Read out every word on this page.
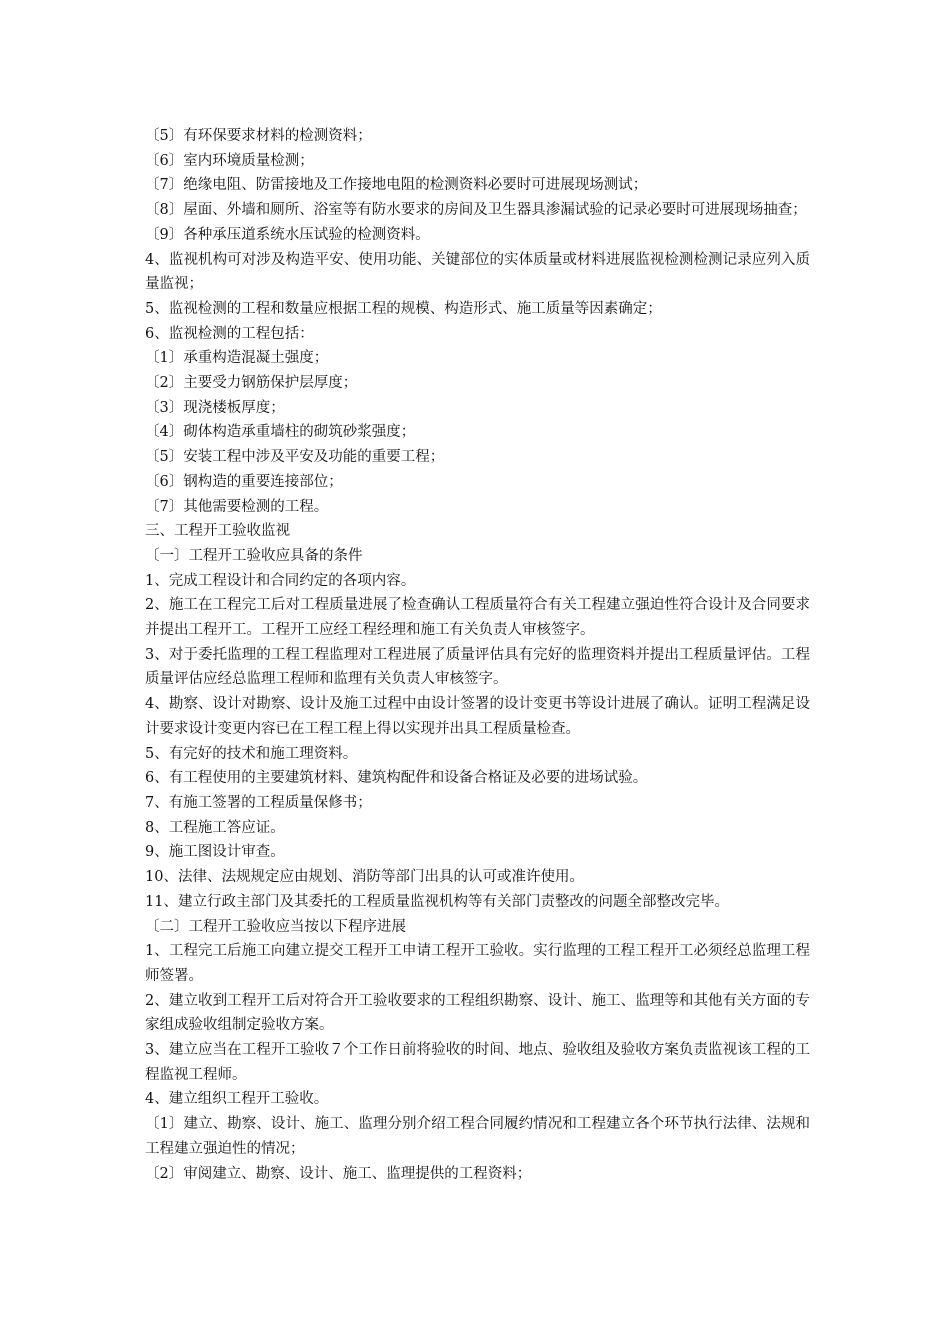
〔5〕有环保要求材料的检测资料；

〔6〕室内环境质量检测；

〔7〕绝缘电阻、防雷接地及工作接地电阻的检测资料必要时可进展现场测试；

〔8〕屋面、外墙和厕所、浴室等有防水要求的房间及卫生器具渗漏试验的记录必要时可进展现场抽查；

〔9〕各种承压道系统水压试验的检测资料。

4、监视机构可对涉及构造平安、使用功能、关键部位的实体质量或材料进展监视检测检测记录应列入质量监视；

5、监视检测的工程和数量应根据工程的规模、构造形式、施工质量等因素确定；

6、监视检测的工程包括：

〔1〕承重构造混凝土强度；

〔2〕主要受力钢筋保护层厚度；

〔3〕现浇楼板厚度；

〔4〕砌体构造承重墙柱的砌筑砂浆强度；

〔5〕安装工程中涉及平安及功能的重要工程；

〔6〕钢构造的重要连接部位；

〔7〕其他需要检测的工程。

三、工程开工验收监视

〔一〕工程开工验收应具备的条件

1、完成工程设计和合同约定的各项内容。

2、施工在工程完工后对工程质量进展了检查确认工程质量符合有关工程建立强迫性符合设计及合同要求并提出工程开工。工程开工应经工程经理和施工有关负责人审核签字。

3、对于委托监理的工程工程监理对工程进展了质量评估具有完好的监理资料并提出工程质量评估。工程质量评估应经总监理工程师和监理有关负责人审核签字。

4、勘察、设计对勘察、设计及施工过程中由设计签署的设计变更书等设计进展了确认。证明工程满足设计要求设计变更内容已在工程工程上得以实现并出具工程质量检查。

5、有完好的技术和施工理资料。

6、有工程使用的主要建筑材料、建筑构配件和设备合格证及必要的进场试验。

7、有施工签署的工程质量保修书；

8、工程施工答应证。

9、施工图设计审查。

10、法律、法规规定应由规划、消防等部门出具的认可或准许使用。

11、建立行政主部门及其委托的工程质量监视机构等有关部门责整改的问题全部整改完毕。

〔二〕工程开工验收应当按以下程序进展

1、工程完工后施工向建立提交工程开工申请工程开工验收。实行监理的工程工程开工必须经总监理工程师签署。

2、建立收到工程开工后对符合开工验收要求的工程组织勘察、设计、施工、监理等和其他有关方面的专家组成验收组制定验收方案。

3、建立应当在工程开工验收７个工作日前将验收的时间、地点、验收组及验收方案负责监视该工程的工程监视工程师。

4、建立组织工程开工验收。

〔1〕建立、勘察、设计、施工、监理分别介绍工程合同履约情况和工程建立各个环节执行法律、法规和工程建立强迫性的情况；

〔2〕审阅建立、勘察、设计、施工、监理提供的工程资料；
